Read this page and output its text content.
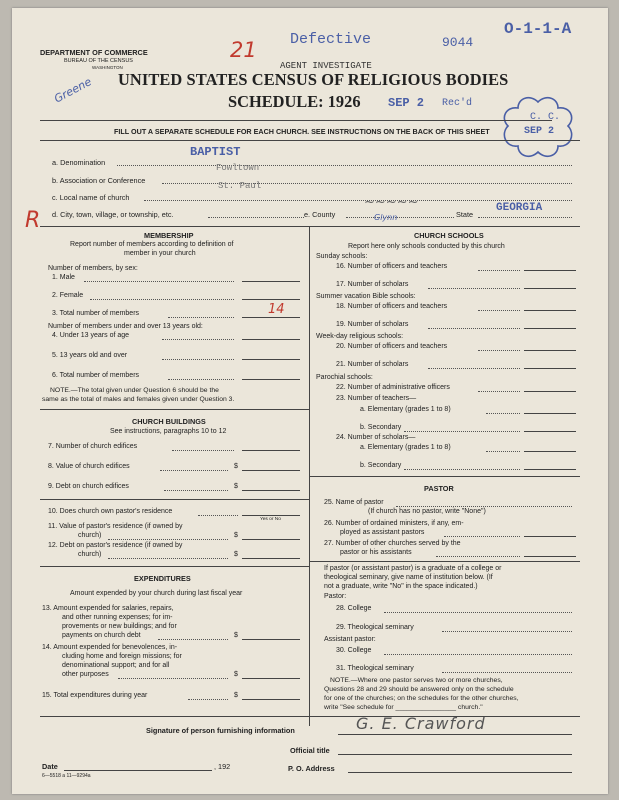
DEPARTMENT OF COMMERCE
BUREAU OF THE CENSUS
WASHINGTON
21 Defective	9044
O-1-1-A
AGENT INVESTIGATE
Greene UNITED STATES CENSUS OF RELIGIOUS BODIES
SCHEDULE: 1926 SEP 2 Rec'd
C. C.
SEP 2
FILL OUT A SEPARATE SCHEDULE FOR EACH CHURCH. SEE INSTRUCTIONS ON THE BACK OF THIS SHEET
a. Denomination
BAPTIST
b. Association or Conference
Fowltown
c. Local name of church
St. Paul
R d. City, town, village, or township, etc.	e. County
~~~~~
Glynn	State
GEORGIA
MEMBERSHIP
Report number of members according to definition of
member in your church
Number of members, by sex:
1. Male
2. Female
3. Total number of members	14
Number of members under and over 13 years old:
4. Under 13 years of age
5. 13 years old and over
6. Total number of members
NOTE.—The total given under Question 6 should be the
same as the total of males and females given under Question 3.
CHURCH BUILDINGS
See instructions, paragraphs 10 to 12
7. Number of church edifices
8. Value of church edifices	$
9. Debt on church edifices	$
10. Does church own pastor's residence
Yes or No
11. Value of pastor's residence (if owned by
church)	$
12. Debt on pastor's residence (if owned by
church)	$
EXPENDITURES
Amount expended by your church during last fiscal year
13. Amount expended for salaries, repairs,
and other running expenses; for im-
provements or new buildings; and for
payments on church debt	$
14. Amount expended for benevolences, in-
cluding home and foreign missions; for
denominational support; and for all
other purposes	$
15. Total expenditures during year	$
CHURCH SCHOOLS
Report here only schools conducted by this church
Sunday schools:
16. Number of officers and teachers
17. Number of scholars
Summer vacation Bible schools:
18. Number of officers and teachers
19. Number of scholars
Week-day religious schools:
20. Number of officers and teachers
21. Number of scholars
Parochial schools:
22. Number of administrative officers
23. Number of teachers—
a. Elementary (grades 1 to 8)
b. Secondary
24. Number of scholars—
a. Elementary (grades 1 to 8)
b. Secondary
PASTOR
25. Name of pastor
(If church has no pastor, write "None")
26. Number of ordained ministers, if any, em-
ployed as assistant pastors
27. Number of other churches served by the
pastor or his assistants
If pastor (or assistant pastor) is a graduate of a college or
theological seminary, give name of institution below. (If
not a graduate, write "No" in the space indicated.)
Pastor:
28. College
29. Theological seminary
Assistant pastor:
30. College
31. Theological seminary
NOTE.—Where one pastor serves two or more churches,
Questions 28 and 29 should be answered only on the schedule
for one of the churches; on the schedules for the other churches,
write "See schedule for ________________ church."
Signature of person furnishing information	G. E. Crawford
Official title
Date	, 192	P. O. Address
6—5518 a 11—9294a
